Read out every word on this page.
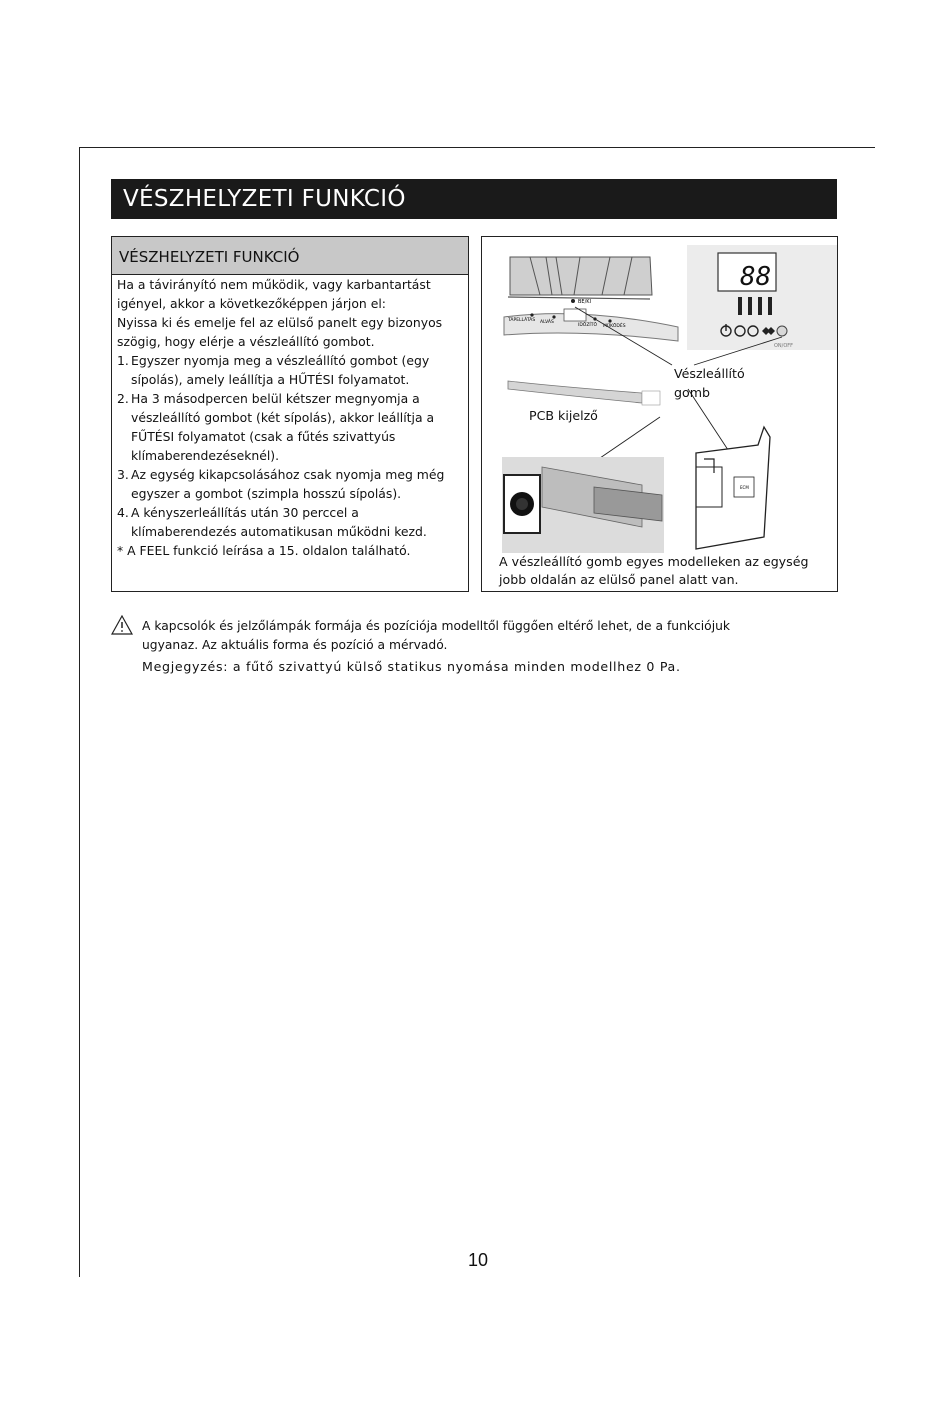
VÉSZHELYZETI FUNKCIÓ
VÉSZHELYZETI FUNKCIÓ

Ha a távirányító nem működik, vagy karbantartást igényel, akkor a következőképpen járjon el:

Nyissa ki és emelje fel az elülső panelt egy bizonyos szögig, hogy elérje a vészleállító gombot.

1. Egyszer nyomja meg a vészleállító gombot (egy sípolás), amely leállítja a HŰTÉSI folyamatot.
2. Ha 3 másodpercen belül kétszer megnyomja a vészleállító gombot (két sípolás), akkor leállítja a FŰTÉSI folyamatot (csak a fűtés szivattyús klímaberendezéseknél).
3. Az egység kikapcsolásához csak nyomja meg még egyszer a gombot (szimpla hosszú sípolás).
4. A kényszerleállítás után 30 perccel a klímaberendezés automatikusan működni kezd.

* A FEEL funkció leírása a 15. oldalon található.

BE/KI
TÁPELLÁTÁS ALVÁS
IDŐZÍTŐ MŰKÖDÉS
88
ON/OFF
ECM
Vészleállító
gomb
PCB kijelző
A vészleállító gomb egyes modelleken az egység jobb oldalán az elülső panel alatt van.
A kapcsolók és jelzőlámpák formája és pozíciója modelltől függően eltérő lehet, de a funkciójuk ugyanaz. Az aktuális forma és pozíció a mérvadó.
Megjegyzés: a fűtő szivattyú külső statikus nyomása minden modellhez 0 Pa.
10
